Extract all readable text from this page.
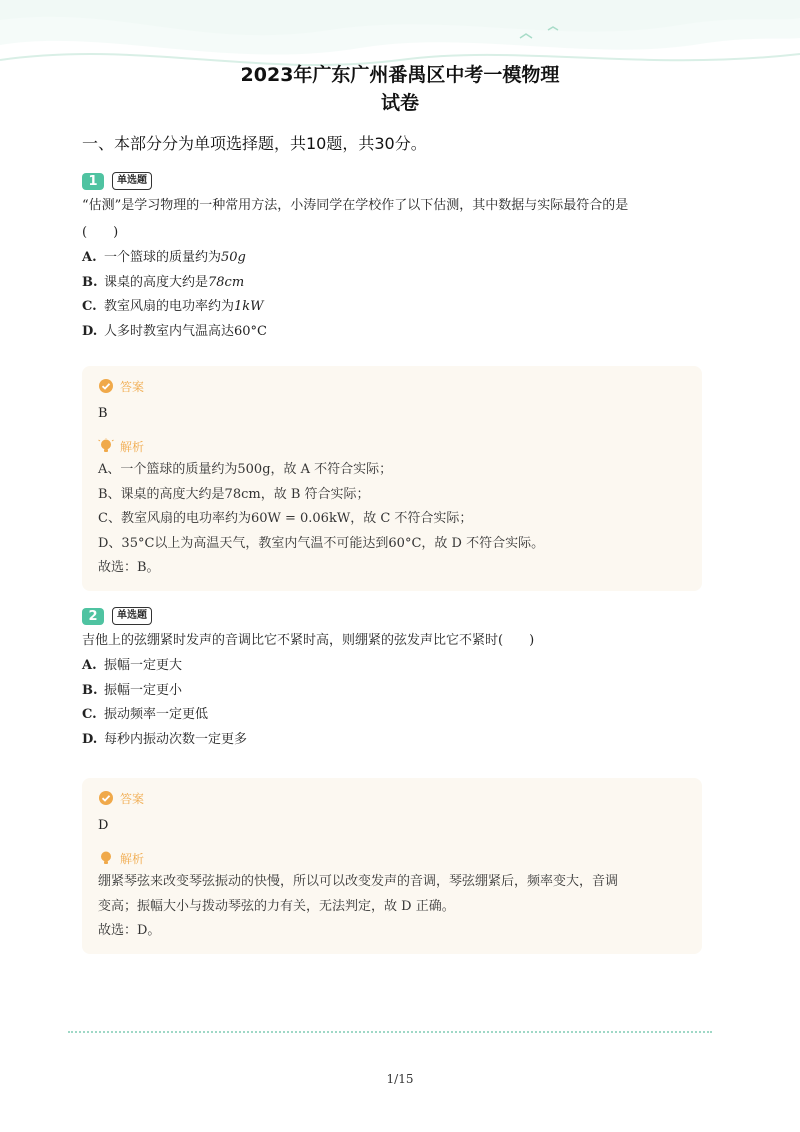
2023年广东广州番禺区中考一模物理
试卷
一、本部分分为单项选择题，共10题，共30分。
1	单选题
“估测”是学习物理的一种常用方法，小涛同学在学校作了以下估测，其中数据与实际最符合的是
(　　)
A. 一个篮球的质量约为50g
B. 课桌的高度大约是78cm
C. 教室风扇的电功率约为1kW
D. 人多时教室内气温高达60°C
答案
B
解析
A、一个篮球的质量约为500g，故 A 不符合实际；
B、课桌的高度大约是78cm，故 B 符合实际；
C、教室风扇的电功率约为60W = 0.06kW，故 C 不符合实际；
D、35°C以上为高温天气，教室内气温不可能达到60°C，故 D 不符合实际。
故选：B。
2	单选题
吉他上的弦绷紧时发声的音调比它不紧时高，则绷紧的弦发声比它不紧时(　　)
A. 振幅一定更大
B. 振幅一定更小
C. 振动频率一定更低
D. 每秒内振动次数一定更多
答案
D
解析
绷紧琴弦来改变琴弦振动的快慢，所以可以改变发声的音调，琴弦绷紧后，频率变大，音调
变高；振幅大小与拨动琴弦的力有关，无法判定，故 D 正确。
故选：D。
1/15
